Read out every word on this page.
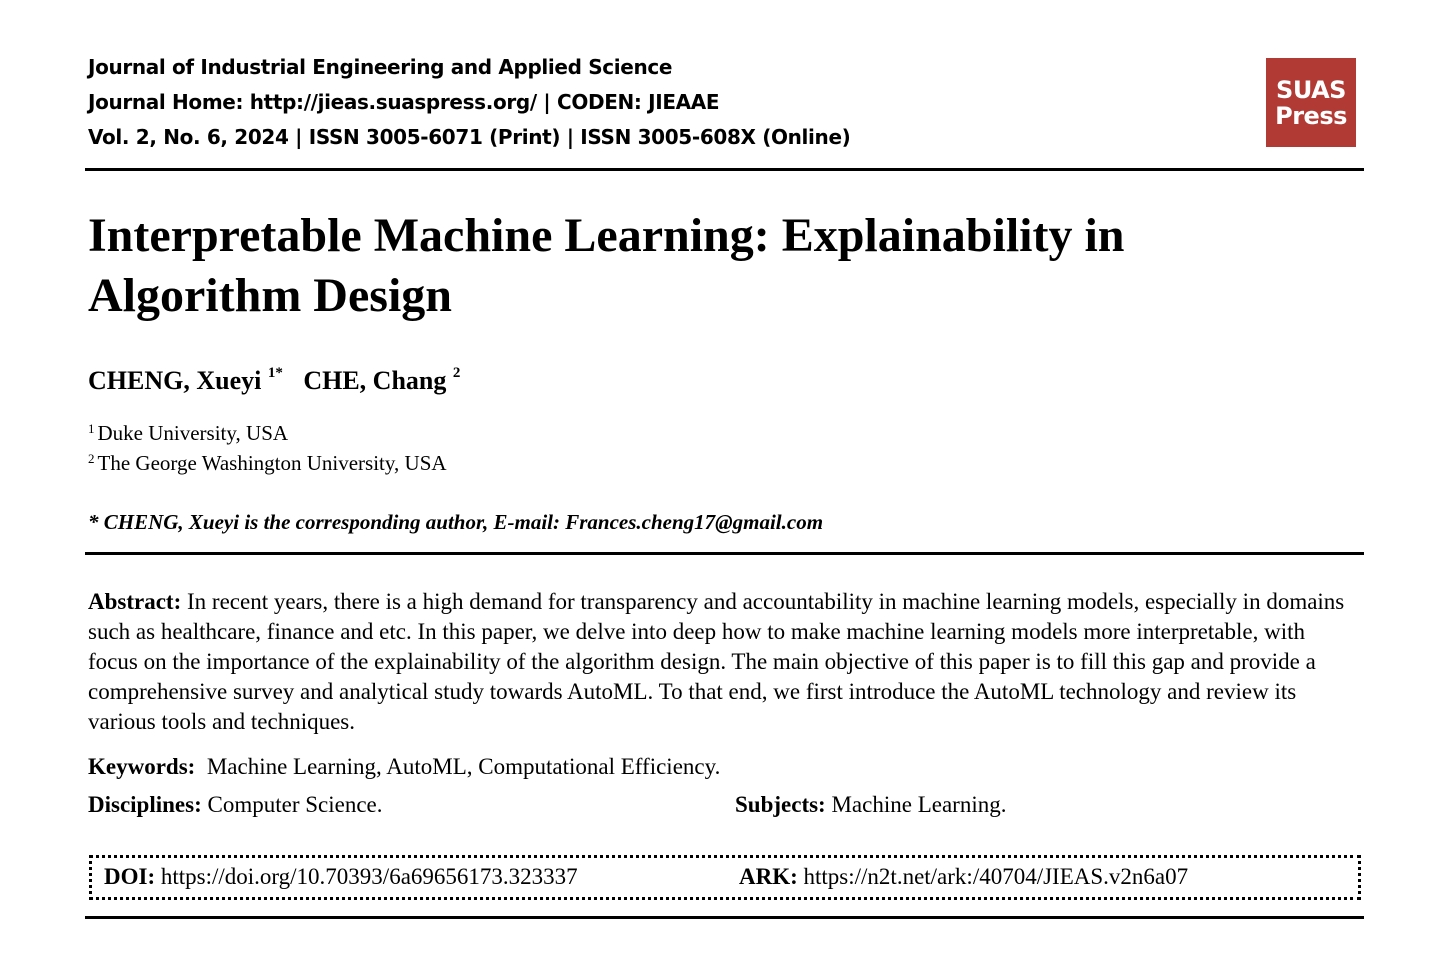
Journal of Industrial Engineering and Applied Science
Journal Home: http://jieas.suaspress.org/ | CODEN: JIEAAE
Vol. 2, No. 6, 2024 | ISSN 3005-6071 (Print) | ISSN 3005-608X (Online)
SUAS
Press
Interpretable Machine Learning: Explainability in Algorithm Design
CHENG, Xueyi $^{1*}$ CHE, Chang $^2$
$^1$ Duke University, USA
$^2$ The George Washington University, USA
* CHENG, Xueyi is the corresponding author, E-mail: Frances.cheng17@gmail.com

Abstract: In recent years, there is a high demand for transparency and accountability in machine learning models, especially in domains such as healthcare, finance and etc. In this paper, we delve into deep how to make machine learning models more interpretable, with focus on the importance of the explainability of the algorithm design. The main objective of this paper is to fill this gap and provide a comprehensive survey and analytical study towards AutoML. To that end, we first introduce the AutoML technology and review its various tools and techniques.

Keywords: Machine Learning, AutoML, Computational Efficiency.
Disciplines: Computer Science.	Subjects: Machine Learning.
DOI: https://doi.org/10.70393/6a69656173.323337	ARK: https://n2t.net/ark:/40704/JIEAS.v2n6a07
